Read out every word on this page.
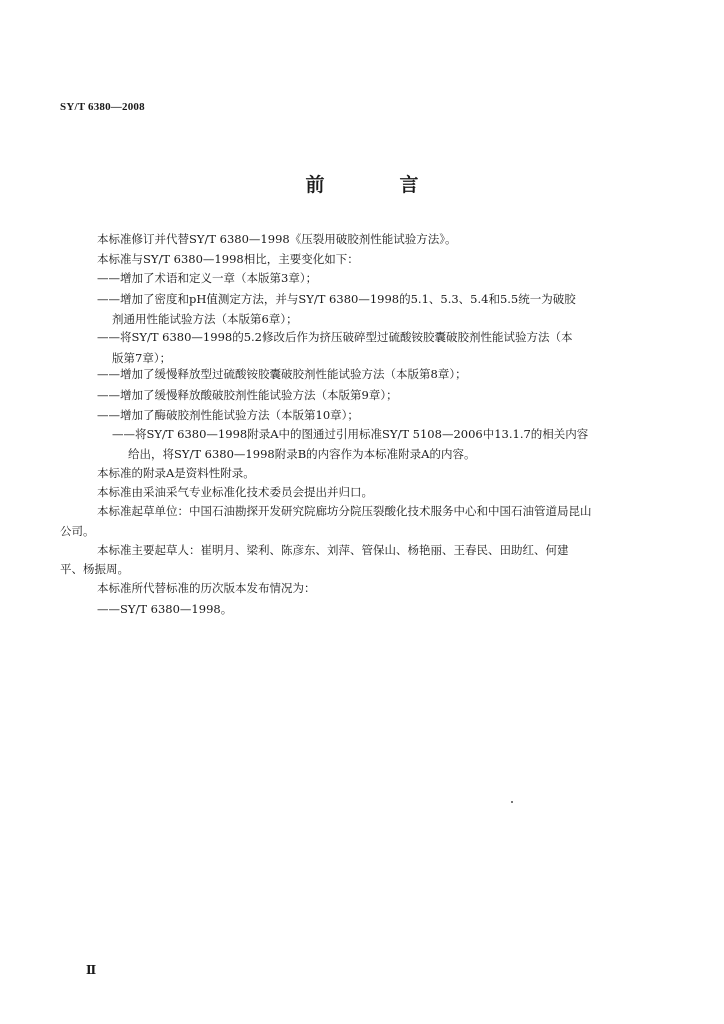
SY/T 6380—2008
前　言
本标准修订并代替SY/T 6380—1998《压裂用破胶剂性能试验方法》。
本标准与SY/T 6380—1998相比，主要变化如下：
——增加了术语和定义一章（本版第3章）；
——增加了密度和pH值测定方法，并与SY/T 6380—1998的5.1、5.3、5.4和5.5统一为破胶
剂通用性能试验方法（本版第6章）；
——将SY/T 6380—1998的5.2修改后作为挤压破碎型过硫酸铵胶囊破胶剂性能试验方法（本
版第7章）；
——增加了缓慢释放型过硫酸铵胶囊破胶剂性能试验方法（本版第8章）；
——增加了缓慢释放酸破胶剂性能试验方法（本版第9章）；
——增加了酶破胶剂性能试验方法（本版第10章）；
——将SY/T 6380—1998附录A中的图通过引用标准SY/T 5108—2006中13.1.7的相关内容
给出，将SY/T 6380—1998附录B的内容作为本标准附录A的内容。
本标准的附录A是资料性附录。
本标准由采油采气专业标准化技术委员会提出并归口。
本标准起草单位：中国石油勘探开发研究院廊坊分院压裂酸化技术服务中心和中国石油管道局昆山
公司。
本标准主要起草人：崔明月、梁利、陈彦东、刘萍、管保山、杨艳丽、王春民、田助红、何建
平、杨振周。
本标准所代替标准的历次版本发布情况为：
——SY/T 6380—1998。
Ⅱ
